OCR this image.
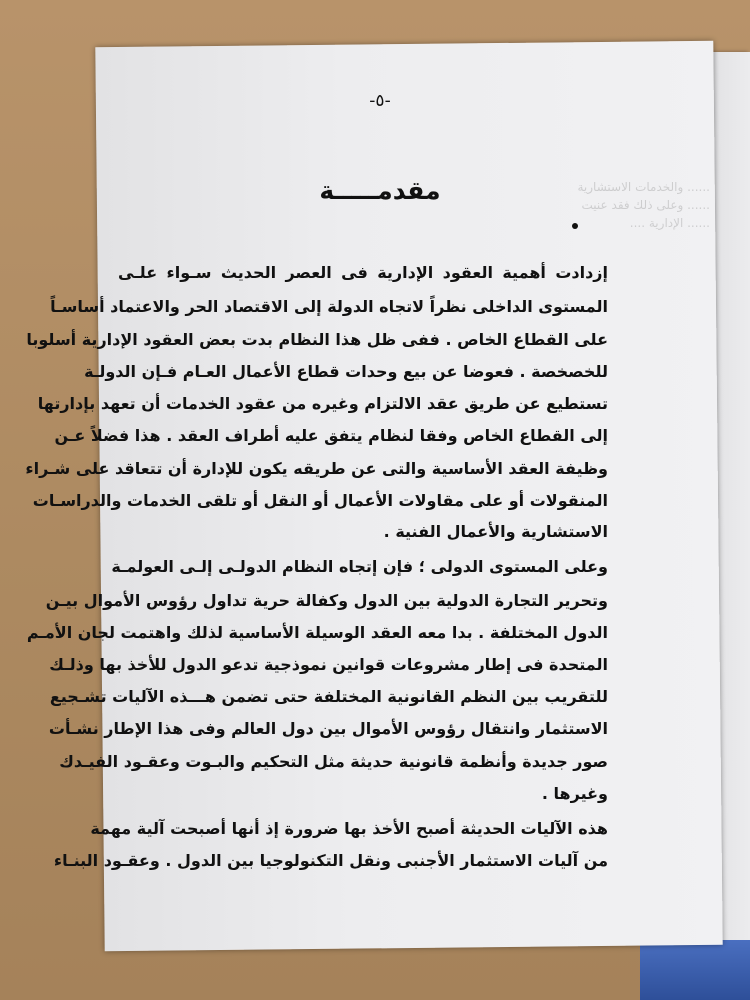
...... والخدمات الاستشارية
...... وعلى ذلك فقد عنيت
...... الإدارية ....
-٥-
مقدمـــــة
إزدادت أهمية العقود الإدارية فى العصر الحديث سـواء علـى
المستوى الداخلى نظراً لاتجاه الدولة إلى الاقتصاد الحر والاعتماد أساسـاً
على القطاع الخاص . ففى ظل هذا النظام بدت بعض العقود الإدارية أسلوبا
للخصخصة . فعوضا عن بيع وحدات قطاع الأعمال العـام فـإن الدولـة
تستطيع عن طريق عقد الالتزام وغيره من عقود الخدمات أن تعهد بإدارتها
إلى القطاع الخاص وفقا لنظام يتفق عليه أطراف العقد . هذا فضلاً عـن
وظيفة العقد الأساسية والتى عن طريقه يكون للإدارة أن تتعاقد على شـراء
المنقولات أو على مقاولات الأعمال أو النقل أو تلقى الخدمات والدراسـات
الاستشارية والأعمال الفنية .
وعلى المستوى الدولى ؛ فإن إتجاه النظام الدولـى إلـى العولمـة
وتحرير التجارة الدولية بين الدول وكفالة حرية تداول رؤوس الأموال بيـن
الدول المختلفة . بدا معه العقد الوسيلة الأساسية لذلك واهتمت لجان الأمـم
المتحدة فى إطار مشروعات قوانين نموذجية تدعو الدول للأخذ بها وذلـك
للتقريب بين النظم القانونية المختلفة حتى تضمن هـــذه الآليات تشـجيع
الاستثمار وانتقال رؤوس الأموال بين دول العالم وفى هذا الإطار نشـأت
صور جديدة وأنظمة قانونية حديثة مثل التحكيم والبـوت وعقـود الفيـدك
وغيرها .
هذه الآليات الحديثة أصبح الأخذ بها ضرورة إذ أنها أصبحت آلية مهمة
من آليات الاستثمار الأجنبى ونقل التكنولوجيا بين الدول . وعقـود البنـاء
